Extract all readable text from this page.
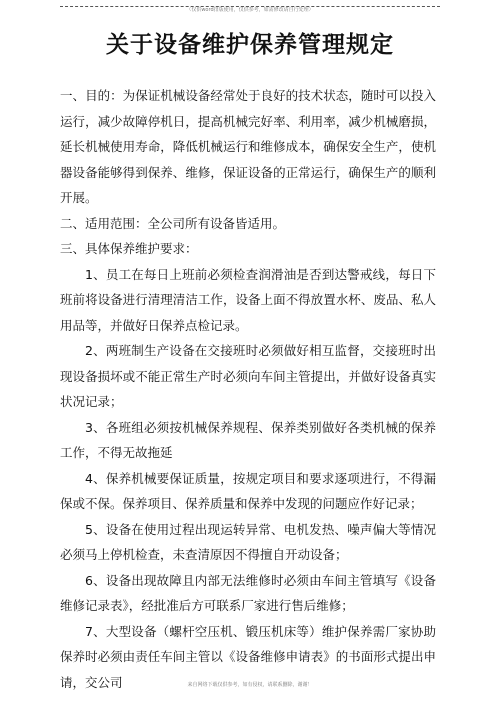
（仅供word排版使用，仅供参考，如需修改请自行处理）
关于设备维护保养管理规定

一、目的：为保证机械设备经常处于良好的技术状态，随时可以投入运行，减少故障停机日，提高机械完好率、利用率，减少机械磨损，延长机械使用寿命，降低机械运行和维修成本，确保安全生产，使机器设备能够得到保养、维修，保证设备的正常运行，确保生产的顺利开展。

二、适用范围：全公司所有设备皆适用。

三、具体保养维护要求：

1、员工在每日上班前必须检查润滑油是否到达警戒线，每日下班前将设备进行清理清洁工作，设备上面不得放置水杯、废品、私人用品等，并做好日保养点检记录。

2、两班制生产设备在交接班时必须做好相互监督，交接班时出现设备损坏或不能正常生产时必须向车间主管提出，并做好设备真实状况记录；

3、各班组必须按机械保养规程、保养类别做好各类机械的保养工作，不得无故拖延

4、保养机械要保证质量，按规定项目和要求逐项进行，不得漏保或不保。保养项目、保养质量和保养中发现的问题应作好记录；

5、设备在使用过程出现运转异常、电机发热、噪声偏大等情况必须马上停机检查，未查清原因不得擅自开动设备；

6、设备出现故障且内部无法维修时必须由车间主管填写《设备维修记录表》，经批准后方可联系厂家进行售后维修；

7、大型设备（螺杆空压机、锻压机床等）维护保养需厂家协助保养时必须由责任车间主管以《设备维修申请表》的书面形式提出申请，交公司	来自网络下载仅供参考，如有侵权，请联系删除，谢谢！
